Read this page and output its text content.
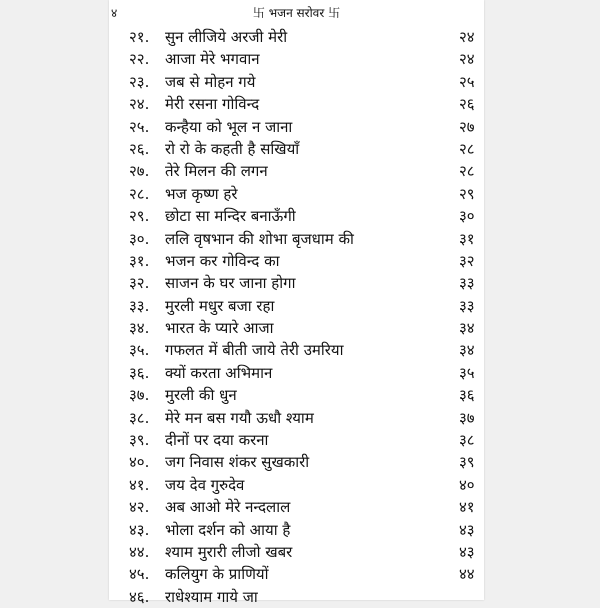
४	卐 भजन सरोवर 卐
२१. सुन लीजिये अरजी मेरी	२४
२२. आजा मेरे भगवान	२४
२३. जब से मोहन गये	२५
२४. मेरी रसना गोविन्द	२६
२५. कन्हैया को भूल न जाना	२७
२६. रो रो के कहती है सखियाँ	२८
२७. तेरे मिलन की लगन	२८
२८. भज कृष्ण हरे	२९
२९. छोटा सा मन्दिर बनाऊँगी	३०
३०. ललि वृषभान की शोभा बृजधाम की	३१
३१. भजन कर गोविन्द का	३२
३२. साजन के घर जाना होगा	३३
३३. मुरली मधुर बजा रहा	३३
३४. भारत के प्यारे आजा	३४
३५. गफलत में बीती जाये तेरी उमरिया	३४
३६. क्यों करता अभिमान	३५
३७. मुरली की धुन	३६
३८. मेरे मन बस गयौ ऊधौ श्याम	३७
३९. दीनों पर दया करना	३८
४०. जग निवास शंकर सुखकारी	३९
४१. जय देव गुरुदेव	४०
४२. अब आओ मेरे नन्दलाल	४१
४३. भोला दर्शन को आया है	४३
४४. श्याम मुरारी लीजो खबर	४३
४५. कलियुग के प्राणियों	४४
४६. राधेश्याम गाये जा
